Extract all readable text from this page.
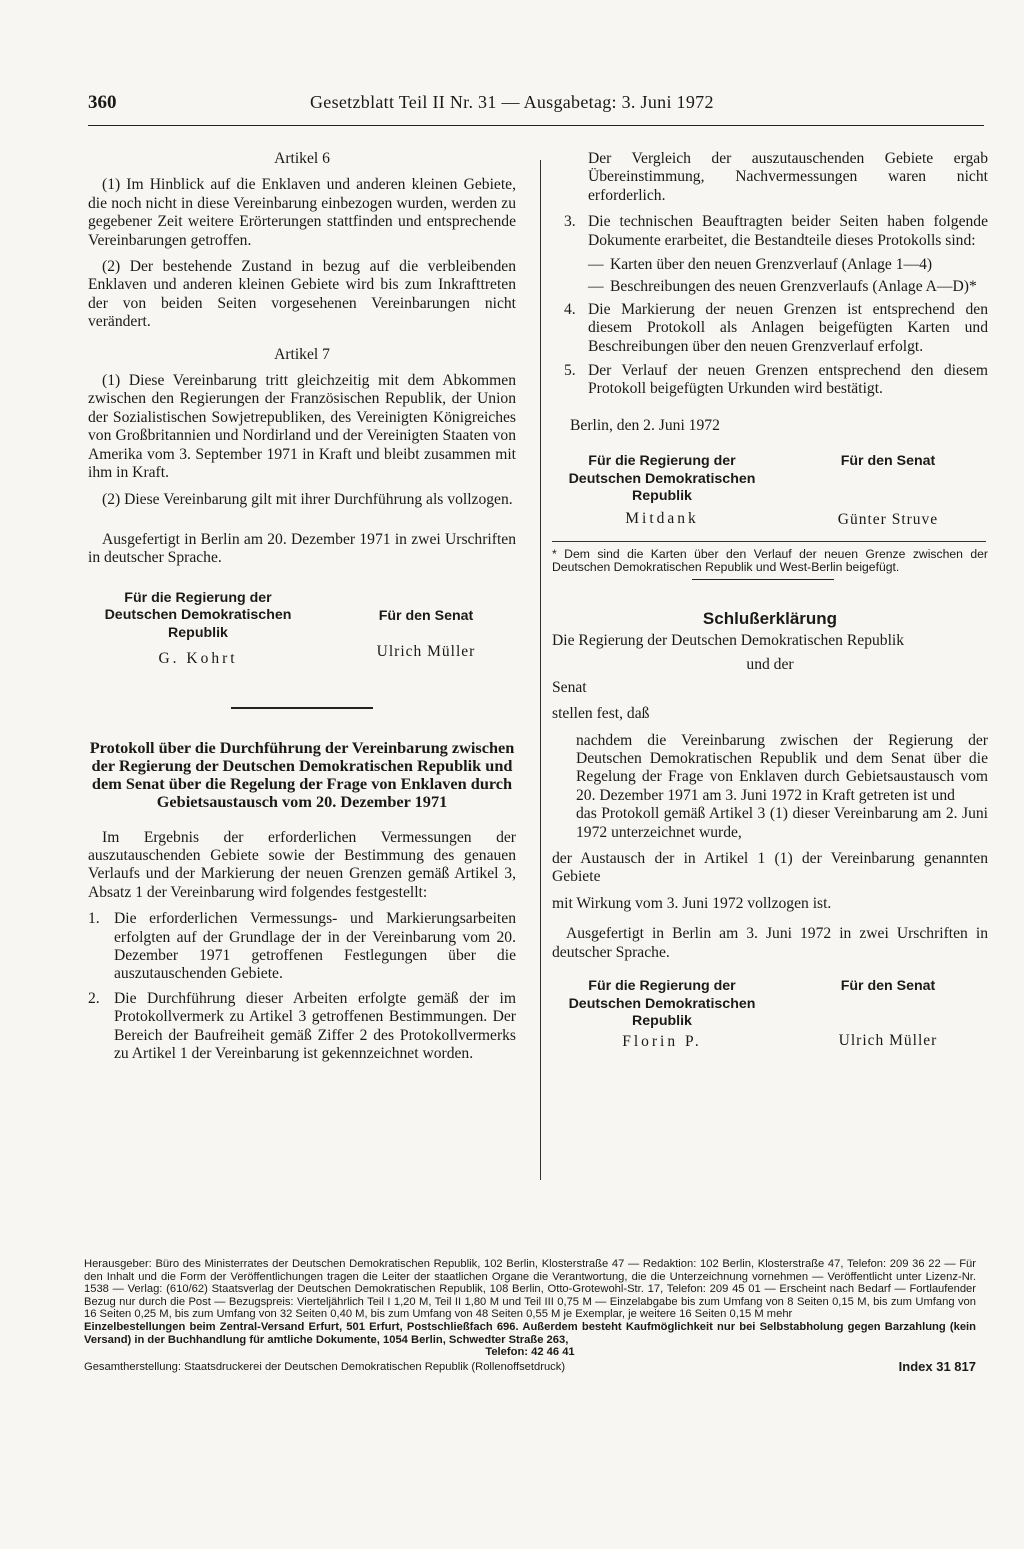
360	Gesetzblatt Teil II Nr. 31 — Ausgabetag: 3. Juni 1972
Artikel 6

(1) Im Hinblick auf die Enklaven und anderen kleinen Gebiete, die noch nicht in diese Vereinbarung einbezogen wurden, werden zu gegebener Zeit weitere Erörterungen stattfinden und entsprechende Vereinbarungen getroffen.

(2) Der bestehende Zustand in bezug auf die verbleibenden Enklaven und anderen kleinen Gebiete wird bis zum Inkrafttreten der von beiden Seiten vorgesehenen Vereinbarungen nicht verändert.

Artikel 7

(1) Diese Vereinbarung tritt gleichzeitig mit dem Abkommen zwischen den Regierungen der Französischen Republik, der Union der Sozialistischen Sowjetrepubliken, des Vereinigten Königreiches von Großbritannien und Nordirland und der Vereinigten Staaten von Amerika vom 3. September 1971 in Kraft und bleibt zusammen mit ihm in Kraft.

(2) Diese Vereinbarung gilt mit ihrer Durchführung als vollzogen.

Ausgefertigt in Berlin am 20. Dezember 1971 in zwei Urschriften in deutscher Sprache.

Für die Regierung der Deutschen Demokratischen Republik
G. Kohrt
Für den Senat
Ulrich Müller
Protokoll über die Durchführung der Vereinbarung zwischen der Regierung der Deutschen Demokratischen Republik und dem Senat über die Regelung der Frage von Enklaven durch Gebietsaustausch vom 20. Dezember 1971

Im Ergebnis der erforderlichen Vermessungen der auszutauschenden Gebiete sowie der Bestimmung des genauen Verlaufs und der Markierung der neuen Grenzen gemäß Artikel 3, Absatz 1 der Vereinbarung wird folgendes festgestellt:

1. Die erforderlichen Vermessungs- und Markierungsarbeiten erfolgten auf der Grundlage der in der Vereinbarung vom 20. Dezember 1971 getroffenen Festlegungen über die auszutauschenden Gebiete.
2. Die Durchführung dieser Arbeiten erfolgte gemäß der im Protokollvermerk zu Artikel 3 getroffenen Bestimmungen. Der Bereich der Baufreiheit gemäß Ziffer 2 des Protokollvermerks zu Artikel 1 der Vereinbarung ist gekennzeichnet worden.

Der Vergleich der auszutauschenden Gebiete ergab Übereinstimmung, Nachvermessungen waren nicht erforderlich.

3. Die technischen Beauftragten beider Seiten haben folgende Dokumente erarbeitet, die Bestandteile dieses Protokolls sind:
— Karten über den neuen Grenzverlauf (Anlage 1—4)
— Beschreibungen des neuen Grenzverlaufs (Anlage A—D)*
4. Die Markierung der neuen Grenzen ist entsprechend den diesem Protokoll als Anlagen beigefügten Karten und Beschreibungen über den neuen Grenzverlauf erfolgt.
5. Der Verlauf der neuen Grenzen entsprechend den diesem Protokoll beigefügten Urkunden wird bestätigt.

Berlin, den 2. Juni 1972

Für die Regierung der Deutschen Demokratischen Republik
Mitdank
Für den Senat
Günter Struve
* Dem sind die Karten über den Verlauf der neuen Grenze zwischen der Deutschen Demokratischen Republik und West-Berlin beigefügt.
Schlußerklärung

Die Regierung der Deutschen Demokratischen Republik

und der

Senat

stellen fest, daß

nachdem die Vereinbarung zwischen der Regierung der Deutschen Demokratischen Republik und dem Senat über die Regelung der Frage von Enklaven durch Gebietsaustausch vom 20. Dezember 1971 am 3. Juni 1972 in Kraft getreten ist und

das Protokoll gemäß Artikel 3 (1) dieser Vereinbarung am 2. Juni 1972 unterzeichnet wurde,

der Austausch der in Artikel 1 (1) der Vereinbarung genannten Gebiete

mit Wirkung vom 3. Juni 1972 vollzogen ist.

Ausgefertigt in Berlin am 3. Juni 1972 in zwei Urschriften in deutscher Sprache.

Für die Regierung der Deutschen Demokratischen Republik
Florin P.
Für den Senat
Ulrich Müller
Herausgeber: Büro des Ministerrates der Deutschen Demokratischen Republik, 102 Berlin, Klosterstraße 47 — Redaktion: 102 Berlin, Klosterstraße 47, Telefon: 209 36 22 — Für den Inhalt und die Form der Veröffentlichungen tragen die Leiter der staatlichen Organe die Verantwortung, die die Unterzeichnung vornehmen — Veröffentlicht unter Lizenz-Nr. 1538 — Verlag: (610/62) Staatsverlag der Deutschen Demokratischen Republik, 108 Berlin, Otto-Grotewohl-Str. 17, Telefon: 209 45 01 — Erscheint nach Bedarf — Fortlaufender Bezug nur durch die Post — Bezugspreis: Vierteljährlich Teil I 1,20 M, Teil II 1,80 M und Teil III 0,75 M — Einzelabgabe bis zum Umfang von 8 Seiten 0,15 M, bis zum Umfang von 16 Seiten 0,25 M, bis zum Umfang von 32 Seiten 0,40 M, bis zum Umfang von 48 Seiten 0,55 M je Exemplar, je weitere 16 Seiten 0,15 M mehr
Einzelbestellungen beim Zentral-Versand Erfurt, 501 Erfurt, Postschließfach 696. Außerdem besteht Kaufmöglichkeit nur bei Selbstabholung gegen Barzahlung (kein Versand) in der Buchhandlung für amtliche Dokumente, 1054 Berlin, Schwedter Straße 263,
Telefon: 42 46 41
Gesamtherstellung: Staatsdruckerei der Deutschen Demokratischen Republik (Rollenoffsetdruck)	Index 31 817
